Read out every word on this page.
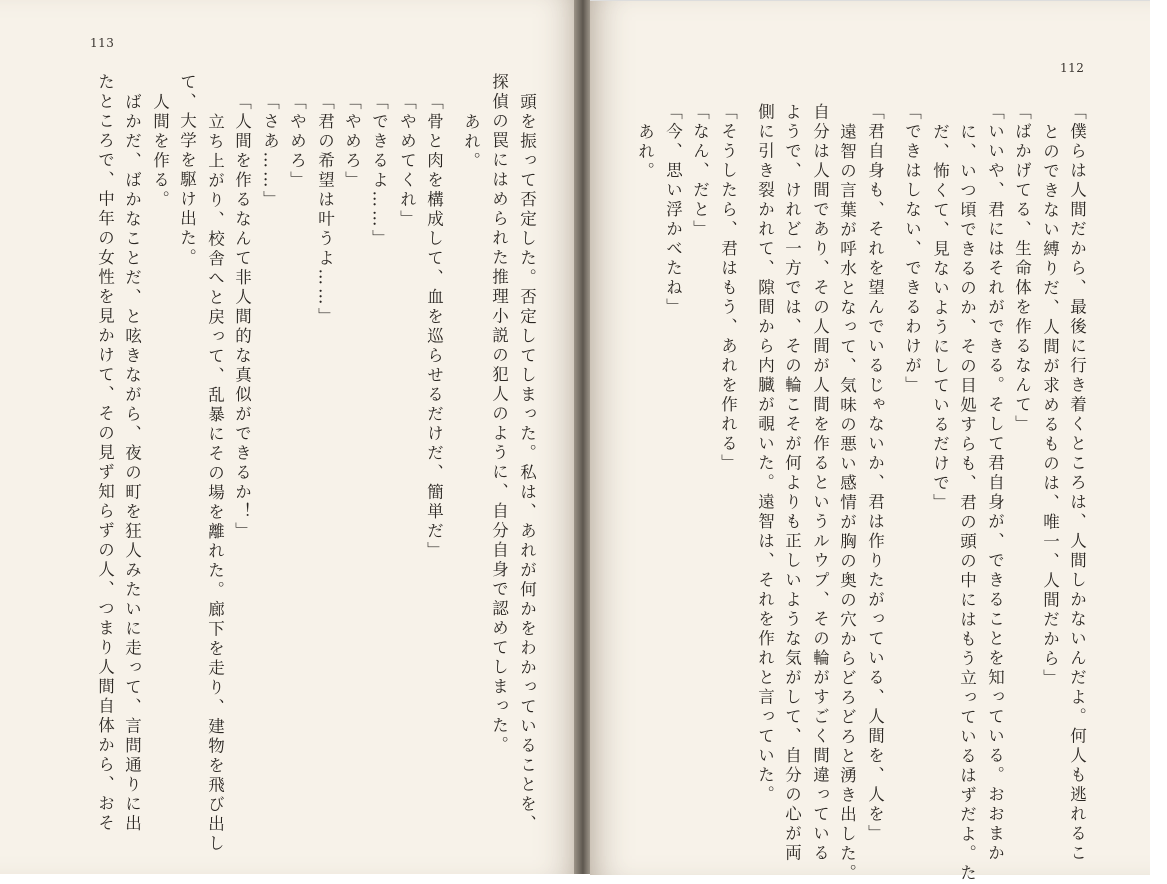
113
112
頭を振って否定した。否定してしまった。私は、あれが何かをわかっていることを、
探偵の罠にはめられた推理小説の犯人のように、自分自身で認めてしまった。
あれ。
「骨と肉を構成して、血を巡らせるだけだ、簡単だ」
「やめてくれ」
「できるよ……」
「やめろ」
「君の希望は叶うよ……」
「やめろ」
「さあ……」
「人間を作るなんて非人間的な真似ができるか！」
立ち上がり、校舎へと戻って、乱暴にその場を離れた。廊下を走り、建物を飛び出し
て、大学を駆け出た。
人間を作る。
ばかだ、ばかなことだ、と呟きながら、夜の町を狂人みたいに走って、言問通りに出
たところで、中年の女性を見かけて、その見ず知らずの人、つまり人間自体から、おそ	「僕らは人間だから、最後に行き着くところは、人間しかないんだよ。何人も逃れるこ
とのできない縛りだ、人間が求めるものは、唯一、人間だから」
「ばかげてる、生命体を作るなんて」
「いいや、君にはそれができる。そして君自身が、できることを知っている。おおまか
に、いつ頃できるのか、その目処すらも、君の頭の中にはもう立っているはずだよ。た
だ、怖くて、見ないようにしているだけで」
「できはしない、できるわけが」
「君自身も、それを望んでいるじゃないか、君は作りたがっている、人間を、人を」
遠智の言葉が呼水となって、気味の悪い感情が胸の奥の穴からどろどろと湧き出した。
自分は人間であり、その人間が人間を作るというルウプ、その輪がすごく間違っている
ようで、けれど一方では、その輪こそが何よりも正しいような気がして、自分の心が両
側に引き裂かれて、隙間から内臓が覗いた。遠智は、それを作れと言っていた。
「そうしたら、君はもう、あれを作れる」
「なん、だと」
「今、思い浮かべたね」
あれ。
